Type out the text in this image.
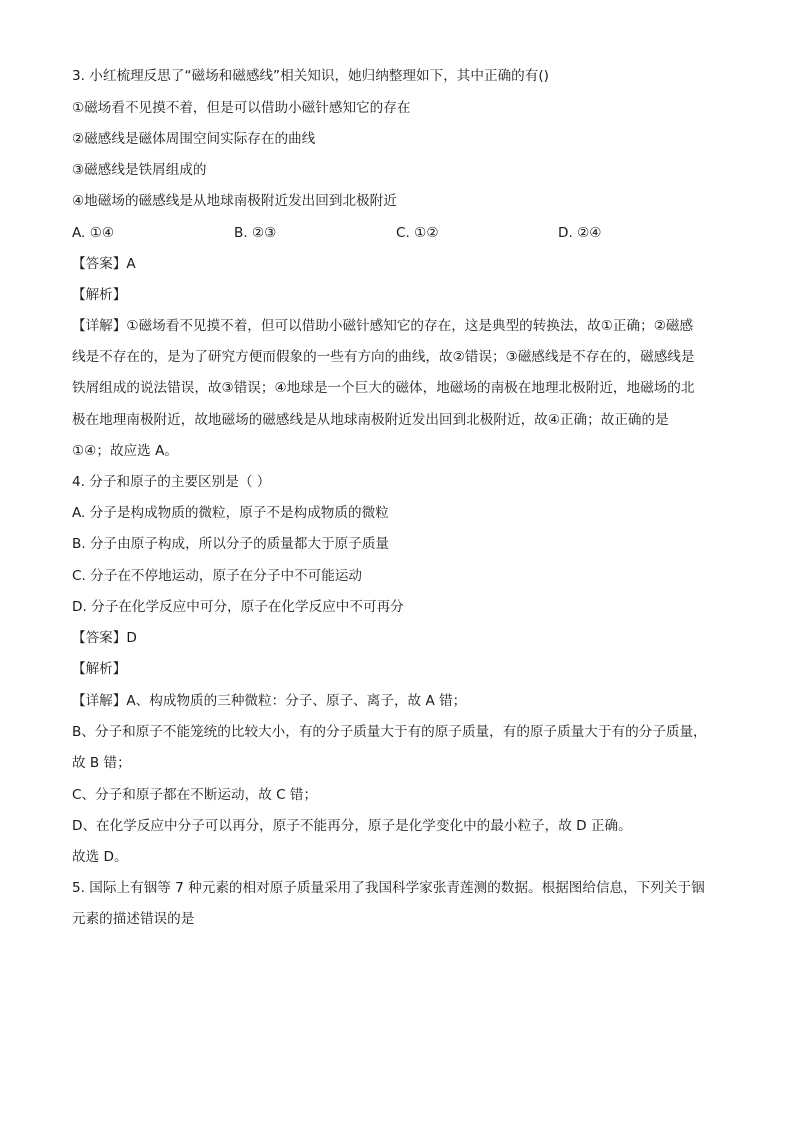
3. 小红梳理反思了“磁场和磁感线”相关知识，她归纳整理如下，其中正确的有()
①磁场看不见摸不着，但是可以借助小磁针感知它的存在
②磁感线是磁体周围空间实际存在的曲线
③磁感线是铁屑组成的
④地磁场的磁感线是从地球南极附近发出回到北极附近
A. ①④	B. ②③	C. ①②	D. ②④
【答案】A
【解析】
【详解】①磁场看不见摸不着，但可以借助小磁针感知它的存在，这是典型的转换法，故①正确；②磁感
线是不存在的，是为了研究方便而假象的一些有方向的曲线，故②错误；③磁感线是不存在的，磁感线是
铁屑组成的说法错误，故③错误；④地球是一个巨大的磁体，地磁场的南极在地理北极附近，地磁场的北
极在地理南极附近，故地磁场的磁感线是从地球南极附近发出回到北极附近，故④正确；故正确的是
①④；故应选 A。
4. 分子和原子的主要区别是（ ）
A. 分子是构成物质的微粒，原子不是构成物质的微粒
B. 分子由原子构成，所以分子的质量都大于原子质量
C. 分子在不停地运动，原子在分子中不可能运动
D. 分子在化学反应中可分，原子在化学反应中不可再分
【答案】D
【解析】
【详解】A、构成物质的三种微粒：分子、原子、离子，故 A 错；
B、分子和原子不能笼统的比较大小，有的分子质量大于有的原子质量，有的原子质量大于有的分子质量，
故 B 错；
C、分子和原子都在不断运动，故 C 错；
D、在化学反应中分子可以再分，原子不能再分，原子是化学变化中的最小粒子，故 D 正确。
故选 D。
5. 国际上有铟等 7 种元素的相对原子质量采用了我国科学家张青莲测的数据。根据图给信息，下列关于铟
元素的描述错误的是
